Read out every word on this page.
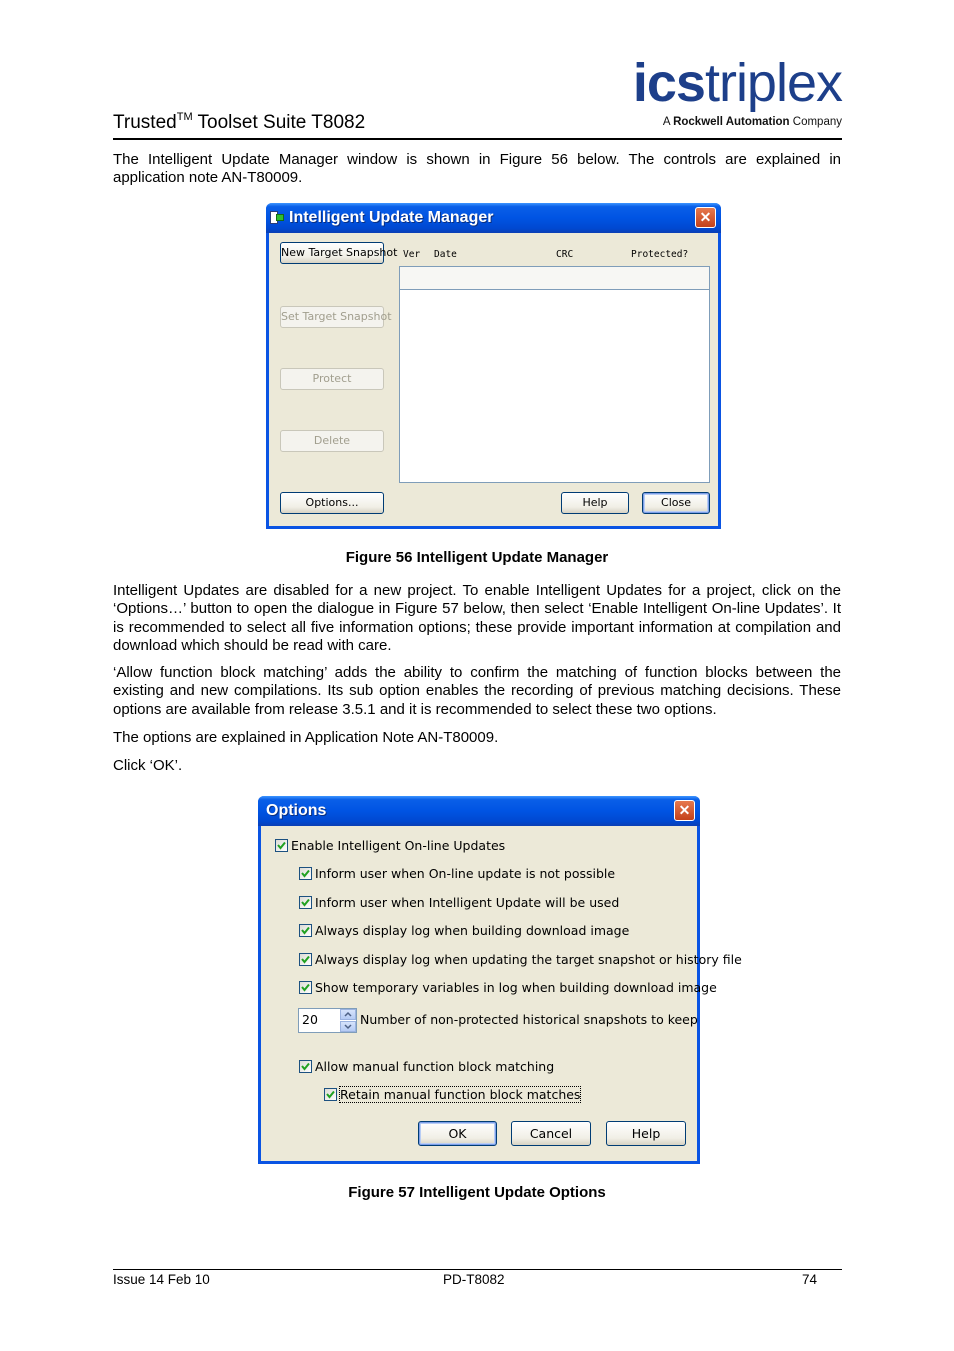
Trusted™ Toolset Suite T8082
icstriplex
A Rockwell Automation Company
The Intelligent Update Manager window is shown in Figure 56 below. The controls are explained in application note AN-T80009.
Intelligent Update Manager	✕
New Target Snapshot
Set Target Snapshot
Protect
Delete
Options...	Help	Close
Ver Date	CRC	Protected?
Figure 56 Intelligent Update Manager
Intelligent Updates are disabled for a new project. To enable Intelligent Updates for a project, click on the ‘Options…’ button to open the dialogue in Figure 57 below, then select ‘Enable Intelligent On-line Updates’. It is recommended to select all five information options; these provide important information at compilation and download which should be read with care.
‘Allow function block matching’ adds the ability to confirm the matching of function blocks between the existing and new compilations. Its sub option enables the recording of previous matching decisions. These options are available from release 3.5.1 and it is recommended to select these two options.
The options are explained in Application Note AN-T80009.
Click ‘OK’.
Options	✕
Enable Intelligent On-line Updates
Inform user when On-line update is not possible
Inform user when Intelligent Update will be used
Always display log when building download image
Always display log when updating the target snapshot or history file
Show temporary variables in log when building download image
20	Number of non-protected historical snapshots to keep
Allow manual function block matching
Retain manual function block matches
OK	Cancel	Help
Figure 57 Intelligent Update Options
Issue 14 Feb 10	PD-T8082	74
